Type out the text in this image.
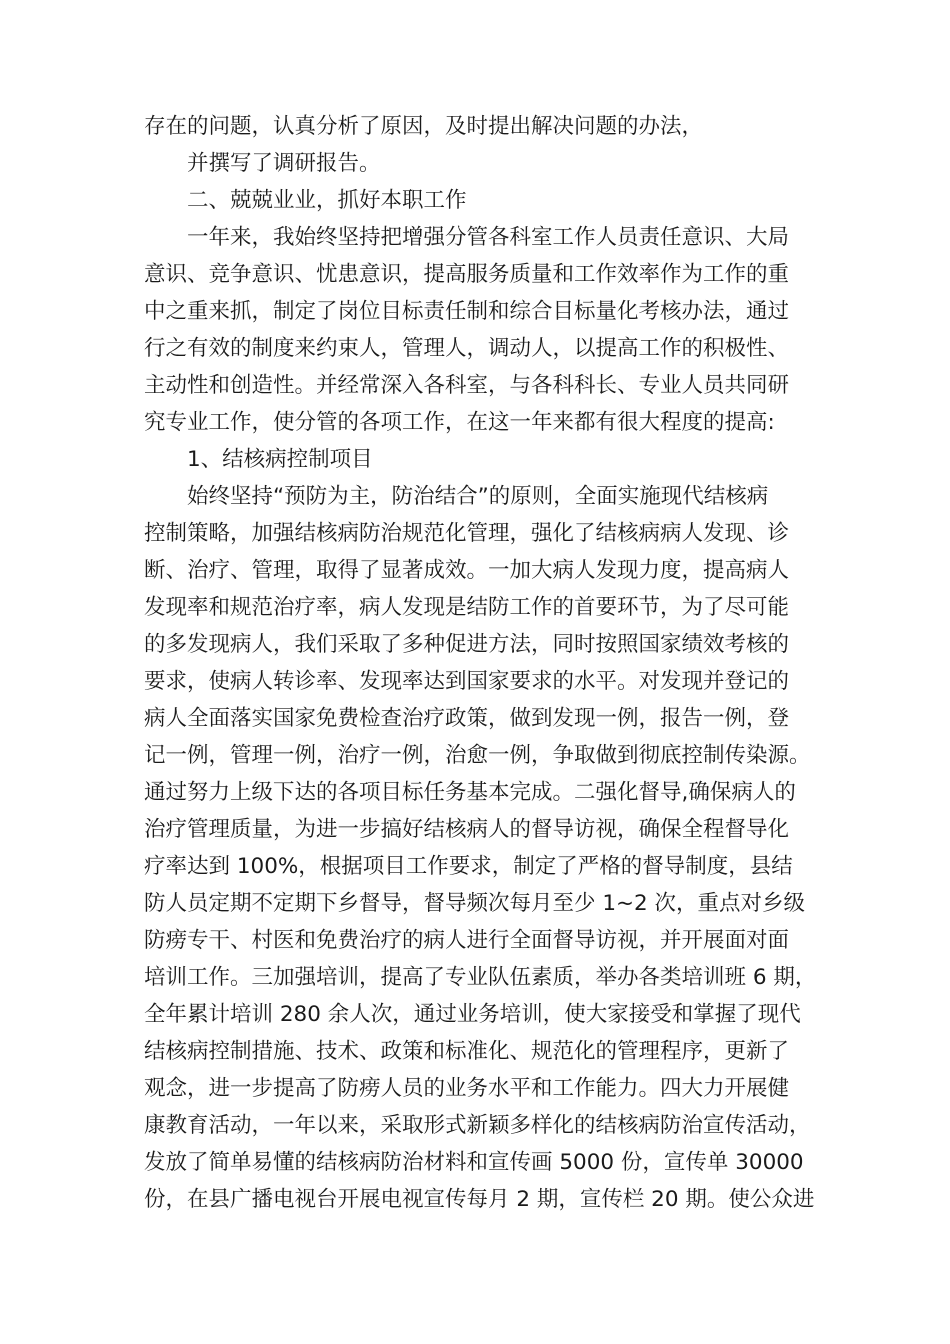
存在的问题，认真分析了原因，及时提出解决问题的办法，
并撰写了调研报告。
二、兢兢业业，抓好本职工作
一年来，我始终坚持把增强分管各科室工作人员责任意识、大局
意识、竞争意识、忧患意识，提高服务质量和工作效率作为工作的重
中之重来抓，制定了岗位目标责任制和综合目标量化考核办法，通过
行之有效的制度来约束人，管理人，调动人，以提高工作的积极性、
主动性和创造性。并经常深入各科室，与各科科长、专业人员共同研
究专业工作，使分管的各项工作，在这一年来都有很大程度的提高:
1、结核病控制项目
始终坚持“预防为主，防治结合”的原则，全面实施现代结核病
控制策略，加强结核病防治规范化管理，强化了结核病病人发现、诊
断、治疗、管理，取得了显著成效。一加大病人发现力度，提高病人
发现率和规范治疗率，病人发现是结防工作的首要环节，为了尽可能
的多发现病人，我们采取了多种促进方法，同时按照国家绩效考核的
要求，使病人转诊率、发现率达到国家要求的水平。对发现并登记的
病人全面落实国家免费检查治疗政策，做到发现一例，报告一例，登
记一例，管理一例，治疗一例，治愈一例，争取做到彻底控制传染源。
通过努力上级下达的各项目标任务基本完成。二强化督导,确保病人的
治疗管理质量，为进一步搞好结核病人的督导访视，确保全程督导化
疗率达到 100%，根据项目工作要求，制定了严格的督导制度，县结
防人员定期不定期下乡督导，督导频次每月至少 1~2 次，重点对乡级
防痨专干、村医和免费治疗的病人进行全面督导访视，并开展面对面
培训工作。三加强培训，提高了专业队伍素质，举办各类培训班 6 期，
全年累计培训 280 余人次，通过业务培训，使大家接受和掌握了现代
结核病控制措施、技术、政策和标准化、规范化的管理程序，更新了
观念，进一步提高了防痨人员的业务水平和工作能力。四大力开展健
康教育活动，一年以来，采取形式新颖多样化的结核病防治宣传活动，
发放了简单易懂的结核病防治材料和宣传画 5000 份，宣传单 30000
份，在县广播电视台开展电视宣传每月 2 期，宣传栏 20 期。使公众进
